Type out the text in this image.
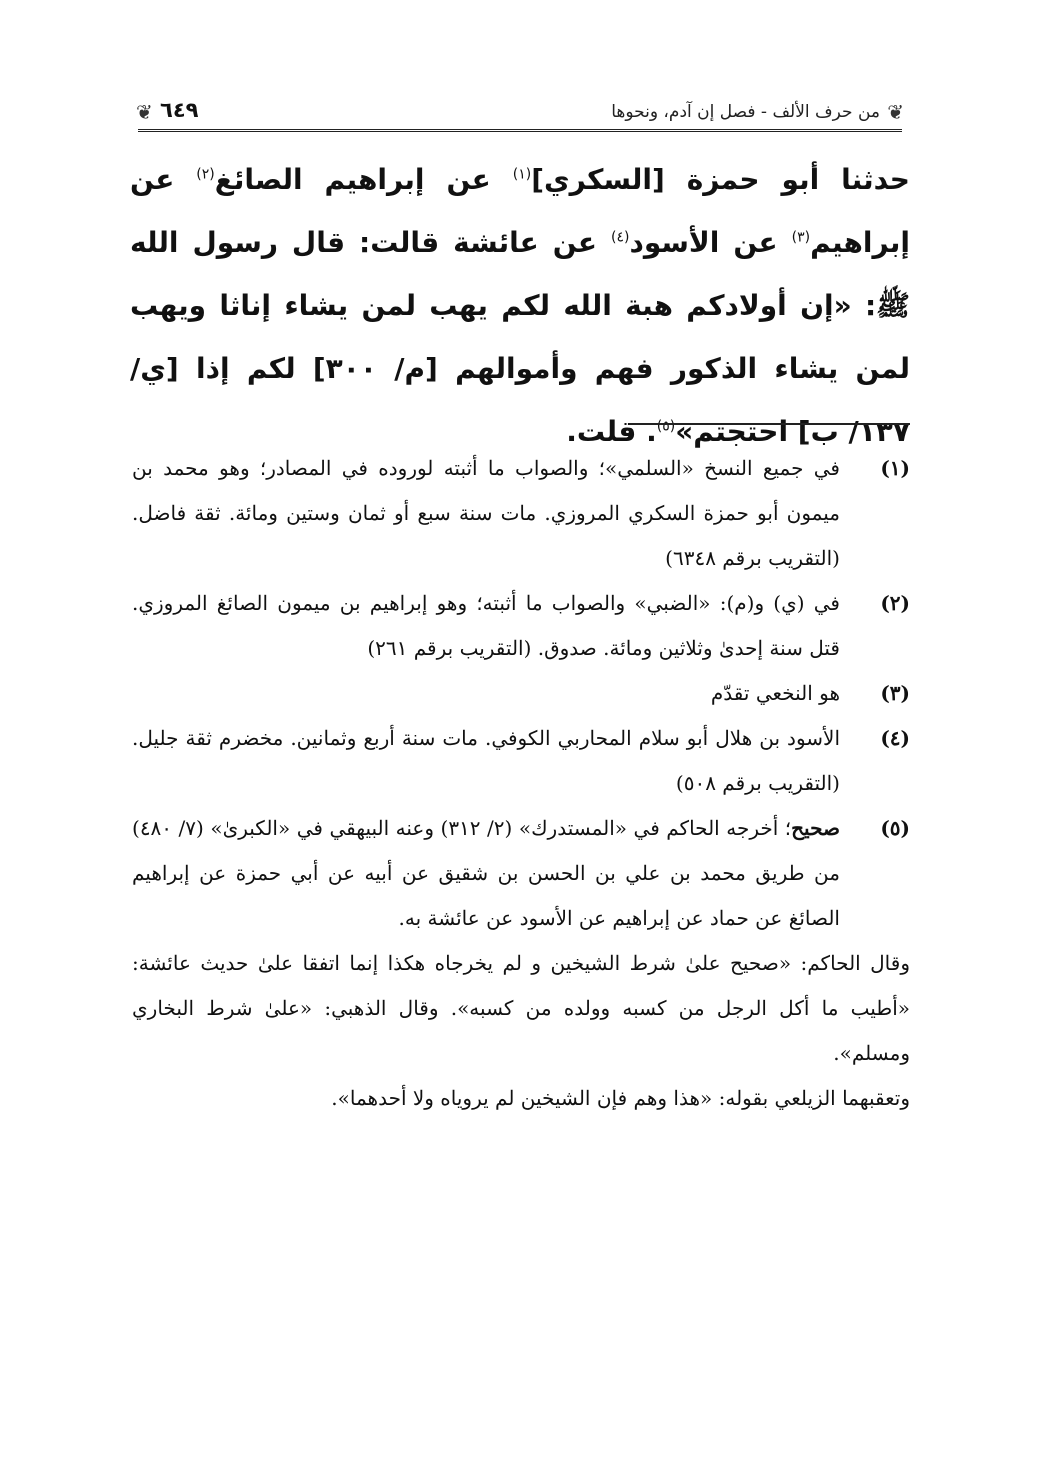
❦
من حرف الألف - فصل إن آدم، ونحوها
٦٤٩
❦

حدثنا أبو حمزة [السكري]$^{(١)}$ عن إبراهيم الصائغ$^{(٢)}$ عن إبراهيم$^{(٣)}$ عن الأسود$^{(٤)}$ عن عائشة قالت: قال رسول الله ﷺ: «إن أولادكم هبة الله لكم يهب لمن يشاء إناثا ويهب لمن يشاء الذكور فهم وأموالهم [م/ ٣٠٠] لكم إذا [ي/ ١٣٧/ ب] احتجتم»$^{(٥)}$. قلت.

(١)
في جميع النسخ «السلمي»؛ والصواب ما أثبته لوروده في المصادر؛ وهو محمد بن ميمون أبو حمزة السكري المروزي. مات سنة سبع أو ثمان وستين ومائة. ثقة فاضل. (التقريب برقم ٦٣٤٨)
(٢)
في (ي) و(م): «الضبي» والصواب ما أثبته؛ وهو إبراهيم بن ميمون الصائغ المروزي. قتل سنة إحدىٰ وثلاثين ومائة. صدوق. (التقريب برقم ٢٦١)
(٣)
هو النخعي تقدّم
(٤)
الأسود بن هلال أبو سلام المحاربي الكوفي. مات سنة أربع وثمانين. مخضرم ثقة جليل.(التقريب برقم ٥٠٨)
(٥)
صحيح؛ أخرجه الحاكم في «المستدرك» (٢/ ٣١٢) وعنه البيهقي في «الكبرىٰ» (٧/ ٤٨٠) من طريق محمد بن علي بن الحسن بن شقيق عن أبيه عن أبي حمزة عن إبراهيم الصائغ عن حماد عن إبراهيم عن الأسود عن عائشة به.
وقال الحاكم: «صحيح علىٰ شرط الشيخين و لم يخرجاه هكذا إنما اتفقا علىٰ حديث عائشة: «أطيب ما أكل الرجل من كسبه وولده من كسبه». وقال الذهبي: «علىٰ شرط البخاري ومسلم».
وتعقبهما الزيلعي بقوله: «هذا وهم فإن الشيخين لم يروياه ولا أحدهما».
